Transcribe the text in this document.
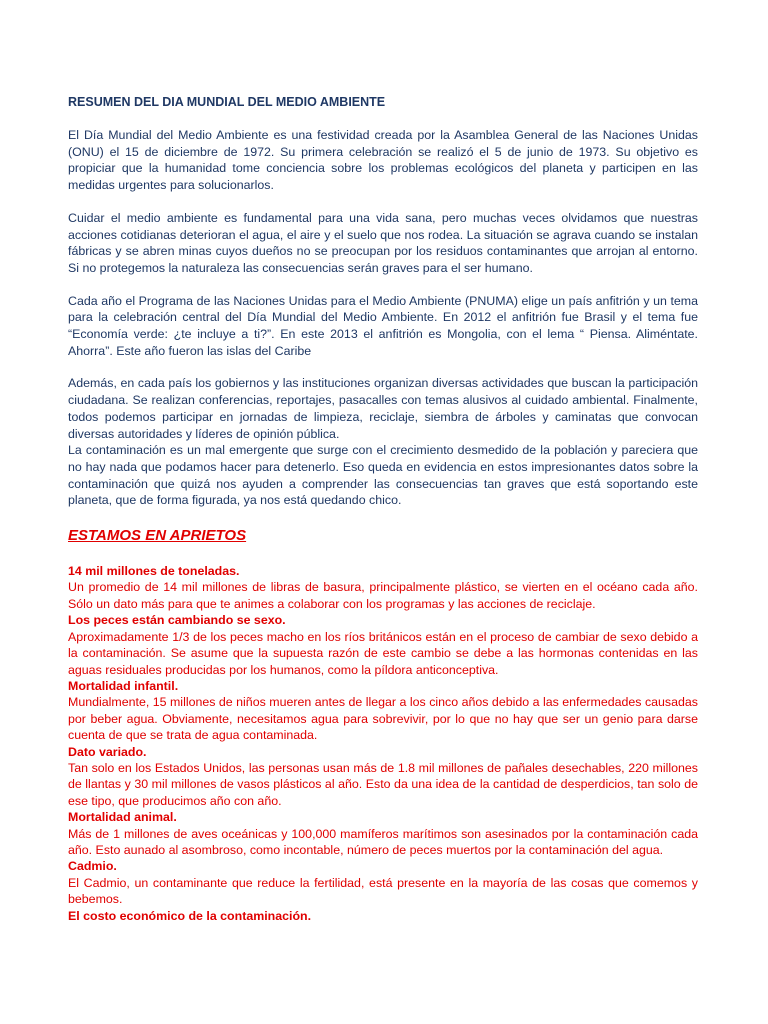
RESUMEN DEL DIA MUNDIAL DEL MEDIO AMBIENTE

El Día Mundial del Medio Ambiente es una festividad creada por la Asamblea General de las Naciones Unidas (ONU) el 15 de diciembre de 1972. Su primera celebración se realizó el 5 de junio de 1973. Su objetivo es propiciar que la humanidad tome conciencia sobre los problemas ecológicos del planeta y participen en las medidas urgentes para solucionarlos.

Cuidar el medio ambiente es fundamental para una vida sana, pero muchas veces olvidamos que nuestras acciones cotidianas deterioran el agua, el aire y el suelo que nos rodea. La situación se agrava cuando se instalan fábricas y se abren minas cuyos dueños no se preocupan por los residuos contaminantes que arrojan al entorno. Si no protegemos la naturaleza las consecuencias serán graves para el ser humano.

Cada año el Programa de las Naciones Unidas para el Medio Ambiente (PNUMA) elige un país anfitrión y un tema para la celebración central del Día Mundial del Medio Ambiente. En 2012 el anfitrión fue Brasil y el tema fue “Economía verde: ¿te incluye a ti?”. En este 2013 el anfitrión es Mongolia, con el lema “ Piensa. Aliméntate. Ahorra”. Este año fueron las islas del Caribe

Además, en cada país los gobiernos y las instituciones organizan diversas actividades que buscan la participación ciudadana. Se realizan conferencias, reportajes, pasacalles con temas alusivos al cuidado ambiental. Finalmente, todos podemos participar en jornadas de limpieza, reciclaje, siembra de árboles y caminatas que convocan diversas autoridades y líderes de opinión pública.

La contaminación es un mal emergente que surge con el crecimiento desmedido de la población y pareciera que no hay nada que podamos hacer para detenerlo. Eso queda en evidencia en estos impresionantes datos sobre la contaminación que quizá nos ayuden a comprender las consecuencias tan graves que está soportando este planeta, que de forma figurada, ya nos está quedando chico.

ESTAMOS EN APRIETOS

14 mil millones de toneladas.

Un promedio de 14 mil millones de libras de basura, principalmente plástico, se vierten en el océano cada año. Sólo un dato más para que te animes a colaborar con los programas y las acciones de reciclaje.

Los peces están cambiando se sexo.

Aproximadamente 1/3 de los peces macho en los ríos británicos están en el proceso de cambiar de sexo debido a la contaminación. Se asume que la supuesta razón de este cambio se debe a las hormonas contenidas en las aguas residuales producidas por los humanos, como la píldora anticonceptiva.

Mortalidad infantil.

Mundialmente, 15 millones de niños mueren antes de llegar a los cinco años debido a las enfermedades causadas por beber agua. Obviamente, necesitamos agua para sobrevivir, por lo que no hay que ser un genio para darse cuenta de que se trata de agua contaminada.

Dato variado.

Tan solo en los Estados Unidos, las personas usan más de 1.8 mil millones de pañales desechables, 220 millones de llantas y 30 mil millones de vasos plásticos al año. Esto da una idea de la cantidad de desperdicios, tan solo de ese tipo, que producimos año con año.

Mortalidad animal.

Más de 1 millones de aves oceánicas y 100,000 mamíferos marítimos son asesinados por la contaminación cada año. Esto aunado al asombroso, como incontable, número de peces muertos por la contaminación del agua.

Cadmio.

El Cadmio, un contaminante que reduce la fertilidad, está presente en la mayoría de las cosas que comemos y bebemos.

El costo económico de la contaminación.
